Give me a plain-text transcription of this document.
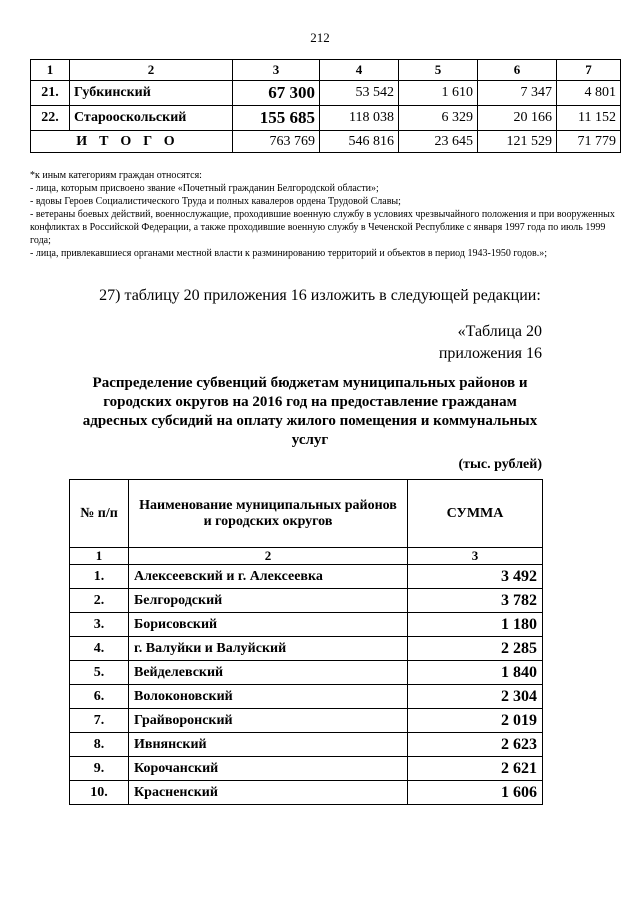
212
1	2	3	4	5	6	7
21.	Губкинский	67 300	53 542	1 610	7 347	4 801
22.	Старооскольский	155 685	118 038	6 329	20 166	11 152
ИТОГО		763 769	546 816	23 645	121 529	71 779
*к иным категориям граждан относятся:
- лица, которым присвоено звание «Почетный гражданин Белгородской области»;
- вдовы Героев Социалистического Труда и полных кавалеров ордена Трудовой Славы;
- ветераны боевых действий, военнослужащие, проходившие военную службу в условиях чрезвычайного положения и при вооруженных конфликтах в Российской Федерации, а также проходившие военную службу в Чеченской Республике с января 1997 года по июль 1999 года;
- лица, привлекавшиеся органами местной власти к разминированию территорий и объектов в период 1943-1950 годов.»;
27) таблицу 20 приложения 16 изложить в следующей редакции:
«Таблица 20
приложения 16
Распределение субвенций бюджетам муниципальных районов и городских округов на 2016 год на предоставление гражданам адресных субсидий на оплату жилого помещения и коммунальных услуг
(тыс. рублей)
№ п/п	Наименование муниципальных районов и городских округов	СУММА
1	2	3
1.	Алексеевский и г. Алексеевка	3 492
2.	Белгородский	3 782
3.	Борисовский	1 180
4.	г. Валуйки и Валуйский	2 285
5.	Вейделевский	1 840
6.	Волоконовский	2 304
7.	Грайворонский	2 019
8.	Ивнянский	2 623
9.	Корочанский	2 621
10.	Красненский	1 606
